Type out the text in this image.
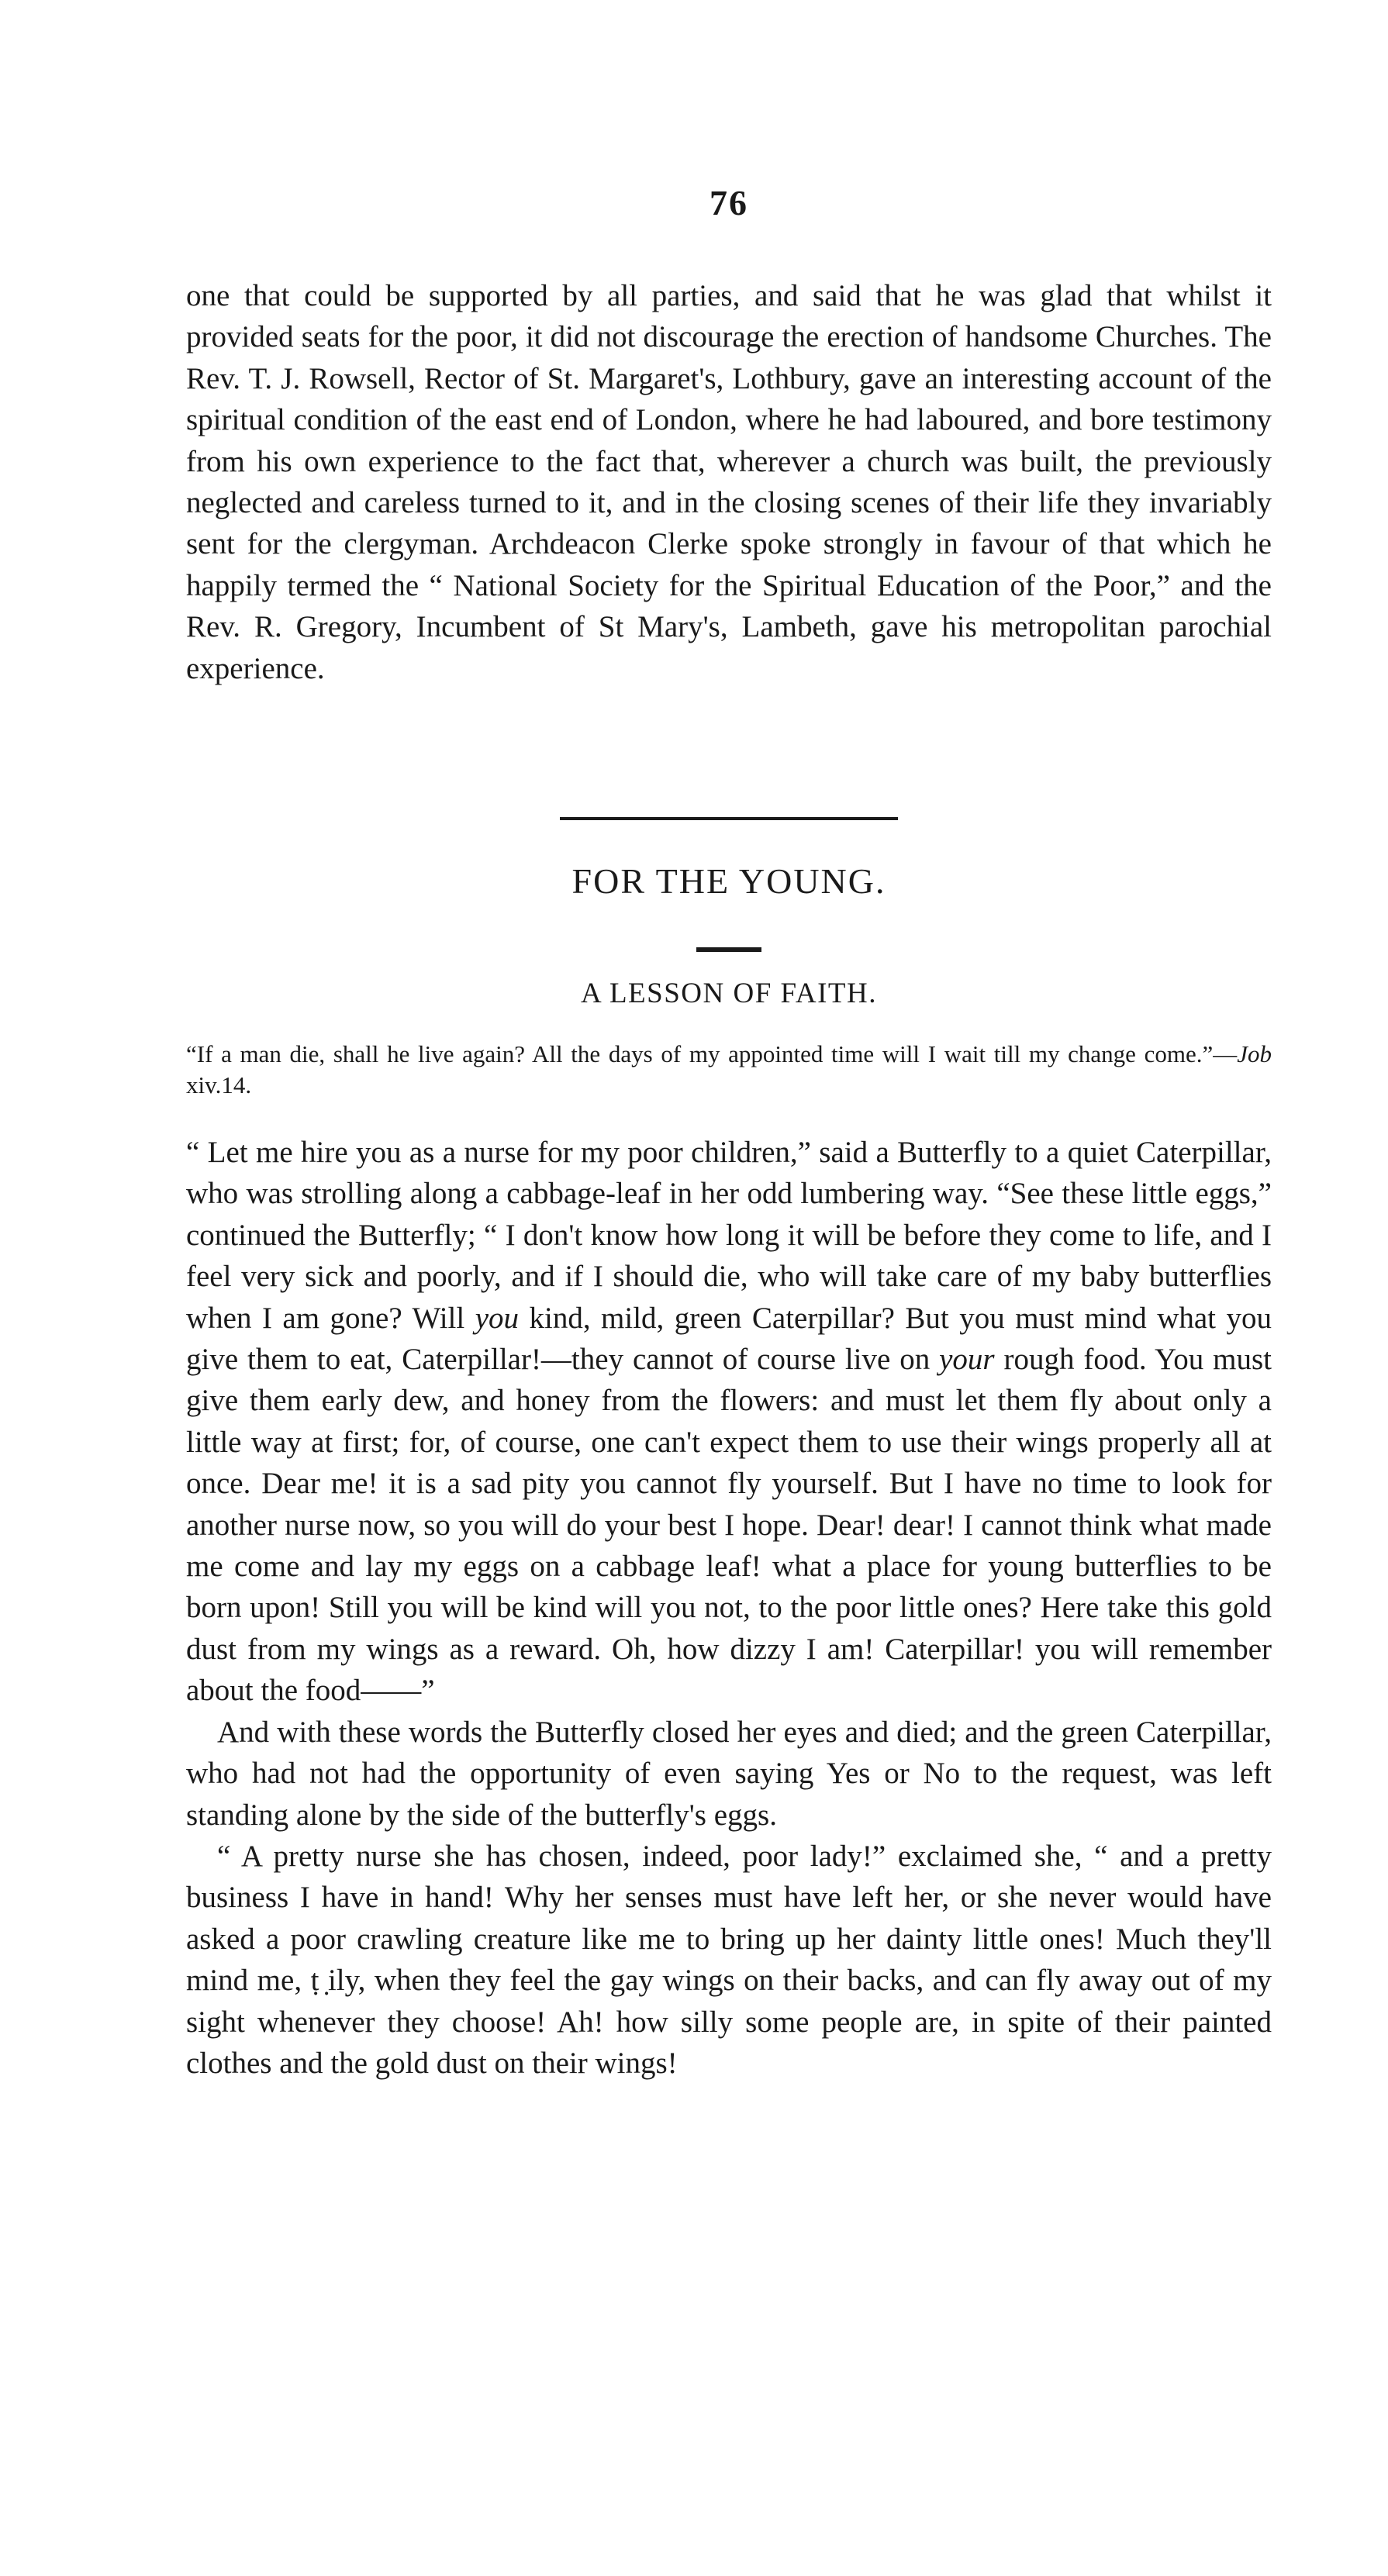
76

one that could be supported by all parties, and said that he was glad that whilst it provided seats for the poor, it did not discourage the erection of handsome Churches. The Rev. T. J. Rowsell, Rector of St. Margaret's, Lothbury, gave an interesting account of the spiritual condition of the east end of London, where he had laboured, and bore testimony from his own experience to the fact that, wherever a church was built, the previously neglected and careless turned to it, and in the closing scenes of their life they invariably sent for the clergyman. Archdeacon Clerke spoke strongly in favour of that which he happily termed the “ National Society for the Spiritual Education of the Poor,” and the Rev. R. Gregory, Incumbent of St Mary's, Lambeth, gave his metropolitan parochial experience.

FOR THE YOUNG.
A LESSON OF FAITH.

“If a man die, shall he live again? All the days of my appointed time will I wait till my change come.”—Job xiv.14.

“ Let me hire you as a nurse for my poor children,” said a Butterfly to a quiet Caterpillar, who was strolling along a cabbage-leaf in her odd lumbering way. “See these little eggs,” continued the Butterfly; “ I don't know how long it will be before they come to life, and I feel very sick and poorly, and if I should die, who will take care of my baby butterflies when I am gone? Will you kind, mild, green Caterpillar? But you must mind what you give them to eat, Caterpillar!—they cannot of course live on your rough food. You must give them early dew, and honey from the flowers: and must let them fly about only a little way at first; for, of course, one can't expect them to use their wings properly all at once. Dear me! it is a sad pity you cannot fly yourself. But I have no time to look for another nurse now, so you will do your best I hope. Dear! dear! I cannot think what made me come and lay my eggs on a cabbage leaf! what a place for young butterflies to be born upon! Still you will be kind will you not, to the poor little ones? Here take this gold dust from my wings as a reward. Oh, how dizzy I am! Caterpillar! you will remember about the food——”

And with these words the Butterfly closed her eyes and died; and the green Caterpillar, who had not had the opportunity of even saying Yes or No to the request, was left standing alone by the side of the butterfly's eggs.

“ A pretty nurse she has chosen, indeed, poor lady!” exclaimed she, “ and a pretty business I have in hand! Why her senses must have left her, or she never would have asked a poor crawling creature like me to bring up her dainty little ones! Much they'll mind me, ṭ ̣ily, when they feel the gay wings on their backs, and can fly away out of my sight whenever they choose! Ah! how silly some people are, in spite of their painted clothes and the gold dust on their wings!
